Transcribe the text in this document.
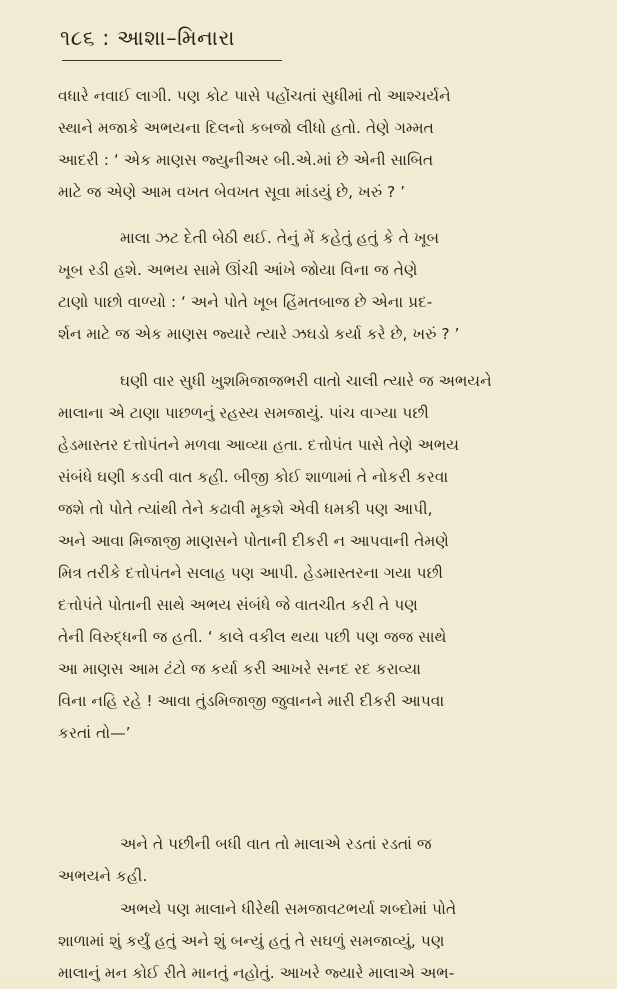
૧૮૬ : આશા–મિનારા
વધારે નવાઈ લાગી. પણ કોટ પાસે પહોંચતાં સુધીમાં તો આશ્ચર્યને
સ્થાને મજાકે અભયના દિલનો કબજો લીધો હતો. તેણે ગમ્મત
આદરી : ‘ એક માણસ જ્યુનીઅર બી.એ.માં છે એની સાબિત
માટે જ એણે આમ વખત બેવખત સૂવા માંડયું છે, ખરું ? ’
માલા ઝટ દેતી બેઠી થઈ. તેનું મેં કહેતું હતું કે તે ખૂબ
ખૂબ રડી હશે. અભય સામે ઊંચી આંખે જોયા વિના જ તેણે
ટાણો પાછો વાળ્યો : ‘ અને પોતે ખૂબ હિંમતબાજ છે એના પ્રદ-
ર્શન માટે જ એક માણસ જ્યારે ત્યારે ઝઘડો કર્યા કરે છે, ખરું ? ’
ઘણી વાર સુધી ખુશમિજાજભરી વાતો ચાલી ત્યારે જ અભયને
માલાના એ ટાણા પાછળનું રહસ્ય સમજાયું. પાંચ વાગ્યા પછી
હેડમાસ્તર દત્તોપંતને મળવા આવ્યા હતા. દત્તોપંત પાસે તેણે અભય
સંબંધે ઘણી કડવી વાત કહી. બીજી કોઈ શાળામાં તે નોકરી કરવા
જશે તો પોતે ત્યાંથી તેને કઢાવી મૂકશે એવી ધમકી પણ આપી,
અને આવા મિજાજી માણસને પોતાની દીકરી ન આપવાની તેમણે
મિત્ર તરીકે દત્તોપંતને સલાહ પણ આપી. હેડમાસ્તરના ગયા પછી
દત્તોપંતે પોતાની સાથે અભય સંબંધે જે વાતચીત કરી તે પણ
તેની વિરુદ્ધની જ હતી. ‘ કાલે વકીલ થયા પછી પણ જજ સાથે
આ માણસ આમ ટંટો જ કર્યા કરી આખરે સનદ રદ કરાવ્યા
વિના નહિ રહે ! આવા તુંડમિજાજી જુવાનને મારી દીકરી આપવા
કરતાં તો—’
અને તે પછીની બધી વાત તો માલાએ રડતાં રડતાં જ
અભયને કહી.
અભયે પણ માલાને ધીરેથી સમજાવટભર્યા શબ્દોમાં પોતે
શાળામાં શું કર્યું હતું અને શું બન્યું હતું તે સઘળું સમજાવ્યું, પણ
માલાનું મન કોઈ રીતે માનતું નહોતું. આખરે જ્યારે માલાએ અભ-
